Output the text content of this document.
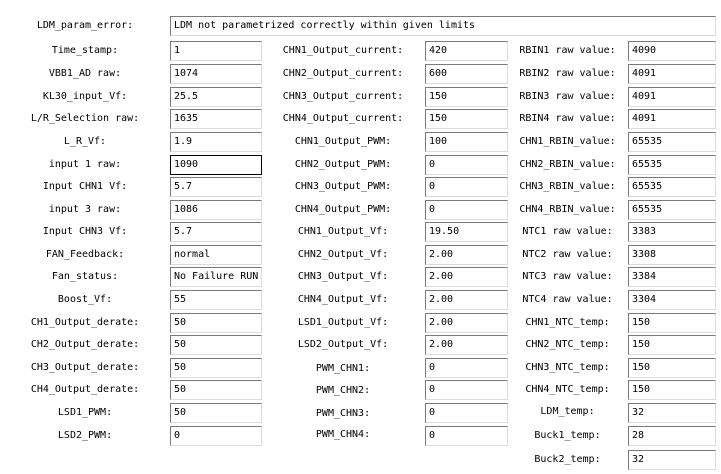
LDM_param_error:	LDM not parametrized correctly within given limits
Time_stamp:	1
VBB1_AD raw:	1074
KL30_input_Vf:	25.5
L/R_Selection raw:	1635
L_R_Vf:	1.9
input 1 raw:	1090
Input CHN1 Vf:	5.7
input 3 raw:	1086
Input CHN3 Vf:	5.7
FAN_Feedback:	normal
Fan_status:	No Failure RUN
Boost_Vf:	55
CH1_Output_derate:	50
CH2_Output_derate:	50
CH3_Output_derate:	50
CH4_Output_derate:	50
LSD1_PWM:	50
LSD2_PWM:	0
CHN1_Output_current:	420
CHN2_Output_current:	600
CHN3_Output_current:	150
CHN4_Output_current:	150
CHN1_Output_PWM:	100
CHN2_Output_PWM:	0
CHN3_Output_PWM:	0
CHN4_Output_PWM:	0
CHN1_Output_Vf:	19.50
CHN2_Output_Vf:	2.00
CHN3_Output_Vf:	2.00
CHN4_Output_Vf:	2.00
LSD1_Output_Vf:	2.00
LSD2_Output_Vf:	2.00
PWM_CHN1:	0
PWM_CHN2:	0
PWM_CHN3:	0
PWM_CHN4:	0
RBIN1 raw value:	4090
RBIN2 raw value:	4091
RBIN3 raw value:	4091
RBIN4 raw value:	4091
CHN1_RBIN_value:	65535
CHN2_RBIN_value:	65535
CHN3_RBIN_value:	65535
CHN4_RBIN_value:	65535
NTC1 raw value:	3383
NTC2 raw value:	3308
NTC3 raw value:	3384
NTC4 raw value:	3304
CHN1_NTC_temp:	150
CHN2_NTC_temp:	150
CHN3_NTC_temp:	150
CHN4_NTC_temp:	150
LDM_temp:	32
Buck1_temp:	28
Buck2_temp:	32
